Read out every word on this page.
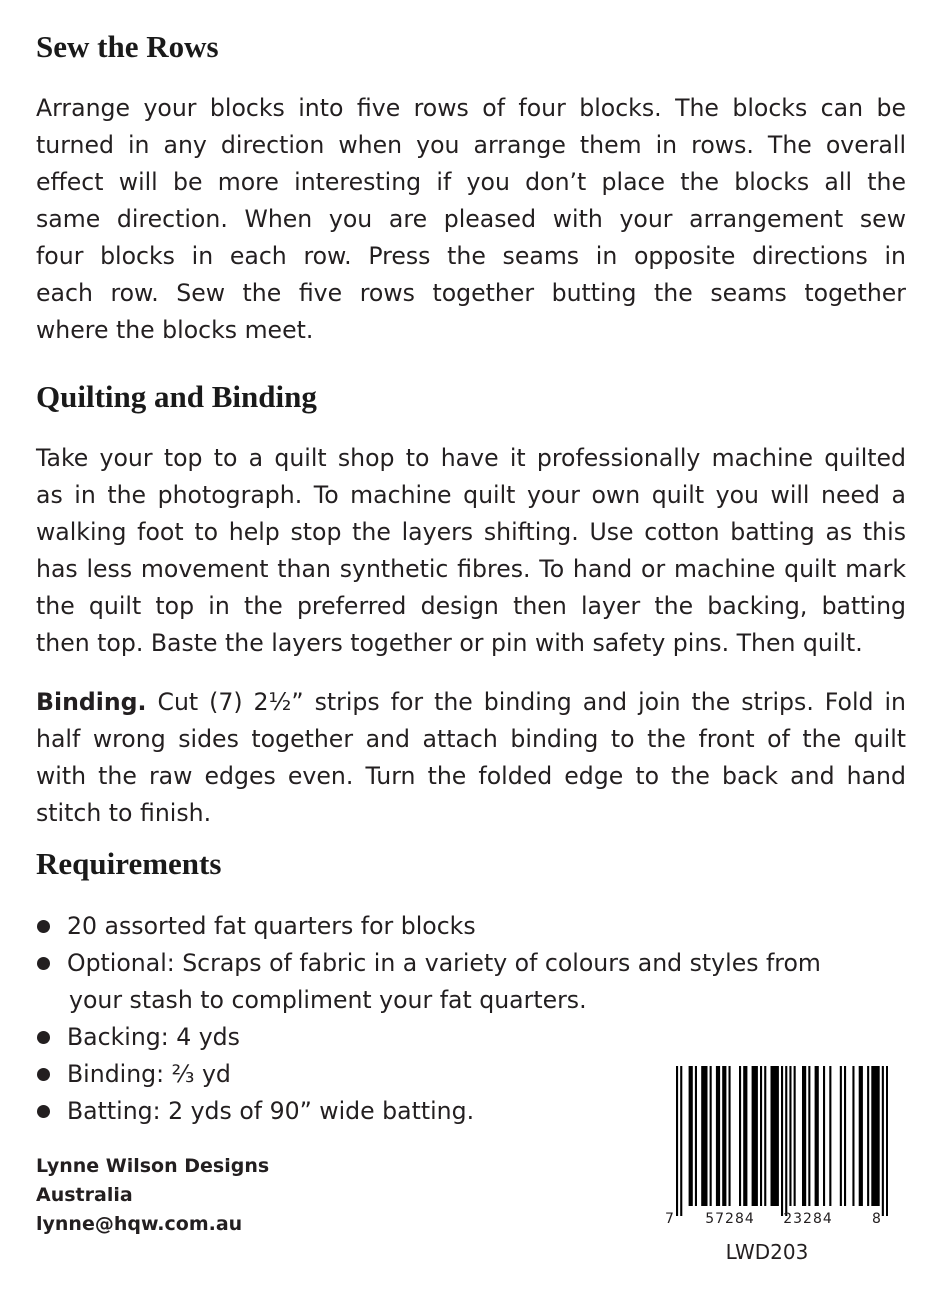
Sew the Rows

Arrange your blocks into five rows of four blocks. The blocks can be
turned in any direction when you arrange them in rows. The overall
effect will be more interesting if you don’t place the blocks all the
same direction. When you are pleased with your arrangement sew
four blocks in each row. Press the seams in opposite directions in
each row. Sew the five rows together butting the seams together
where the blocks meet.

Quilting and Binding

Take your top to a quilt shop to have it professionally machine quilted
as in the photograph. To machine quilt your own quilt you will need a
walking foot to help stop the layers shifting. Use cotton batting as this
has less movement than synthetic fibres. To hand or machine quilt mark
the quilt top in the preferred design then layer the backing, batting
then top. Baste the layers together or pin with safety pins. Then quilt.

Binding. Cut (7) 2½” strips for the binding and join the strips. Fold in
half wrong sides together and attach binding to the front of the quilt
with the raw edges even. Turn the folded edge to the back and hand
stitch to finish.

Requirements
20 assorted fat quarters for blocks
Optional: Scraps of fabric in a variety of colours and styles from
your stash to compliment your fat quarters.
Backing: 4 yds
Binding: ⅔ yd
Batting: 2 yds of 90” wide batting.
Lynne Wilson Designs
Australia
lynne@hqw.com.au	7 57284 23284	8
LWD203
